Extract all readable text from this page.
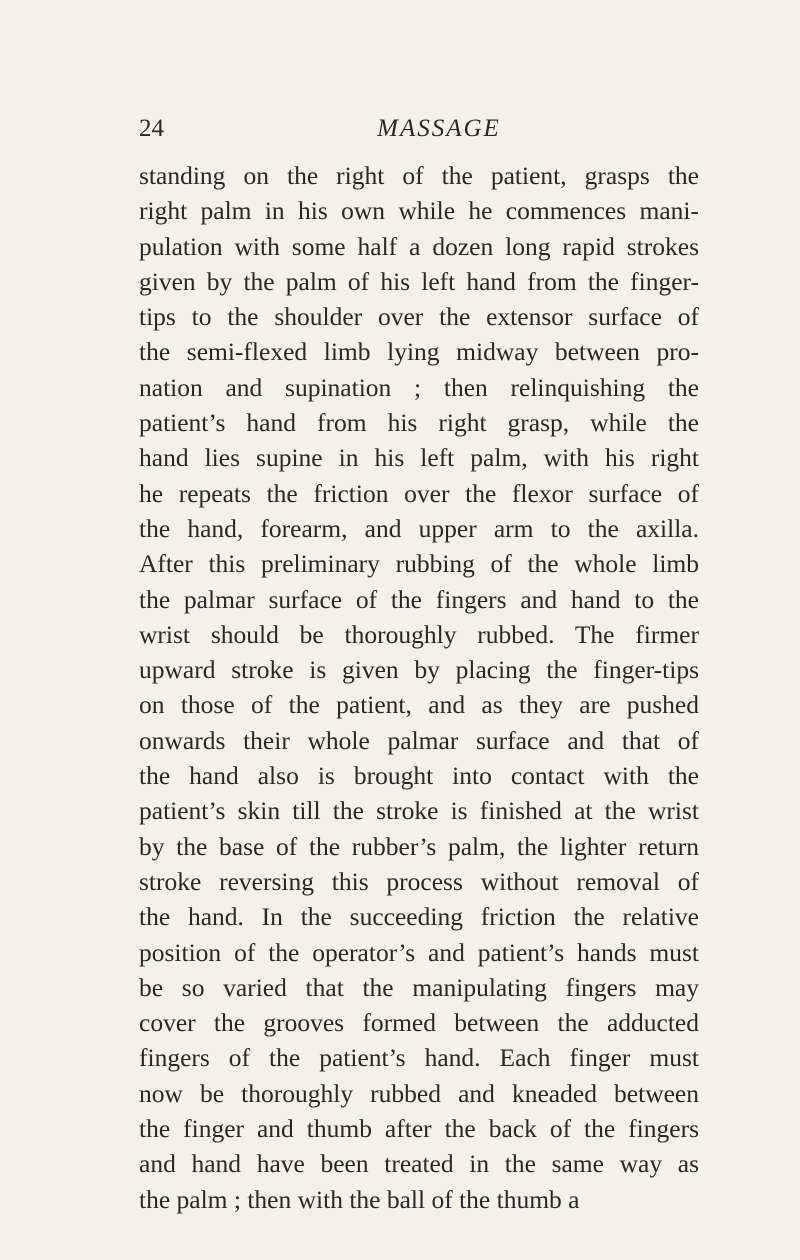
24	MASSAGE
standing on the right of the patient, grasps the
right palm in his own while he commences mani-
pulation with some half a dozen long rapid strokes
given by the palm of his left hand from the finger-
tips to the shoulder over the extensor surface of
the semi-flexed limb lying midway between pro-
nation and supination ; then relinquishing the
patient’s hand from his right grasp, while the
hand lies supine in his left palm, with his right
he repeats the friction over the flexor surface of
the hand, forearm, and upper arm to the axilla.
After this preliminary rubbing of the whole limb
the palmar surface of the fingers and hand to the
wrist should be thoroughly rubbed. The firmer
upward stroke is given by placing the finger-tips
on those of the patient, and as they are pushed
onwards their whole palmar surface and that of
the hand also is brought into contact with the
patient’s skin till the stroke is finished at the wrist
by the base of the rubber’s palm, the lighter return
stroke reversing this process without removal of
the hand. In the succeeding friction the relative
position of the operator’s and patient’s hands must
be so varied that the manipulating fingers may
cover the grooves formed between the adducted
fingers of the patient’s hand. Each finger must
now be thoroughly rubbed and kneaded between
the finger and thumb after the back of the fingers
and hand have been treated in the same way as
the palm ; then with the ball of the thumb a
